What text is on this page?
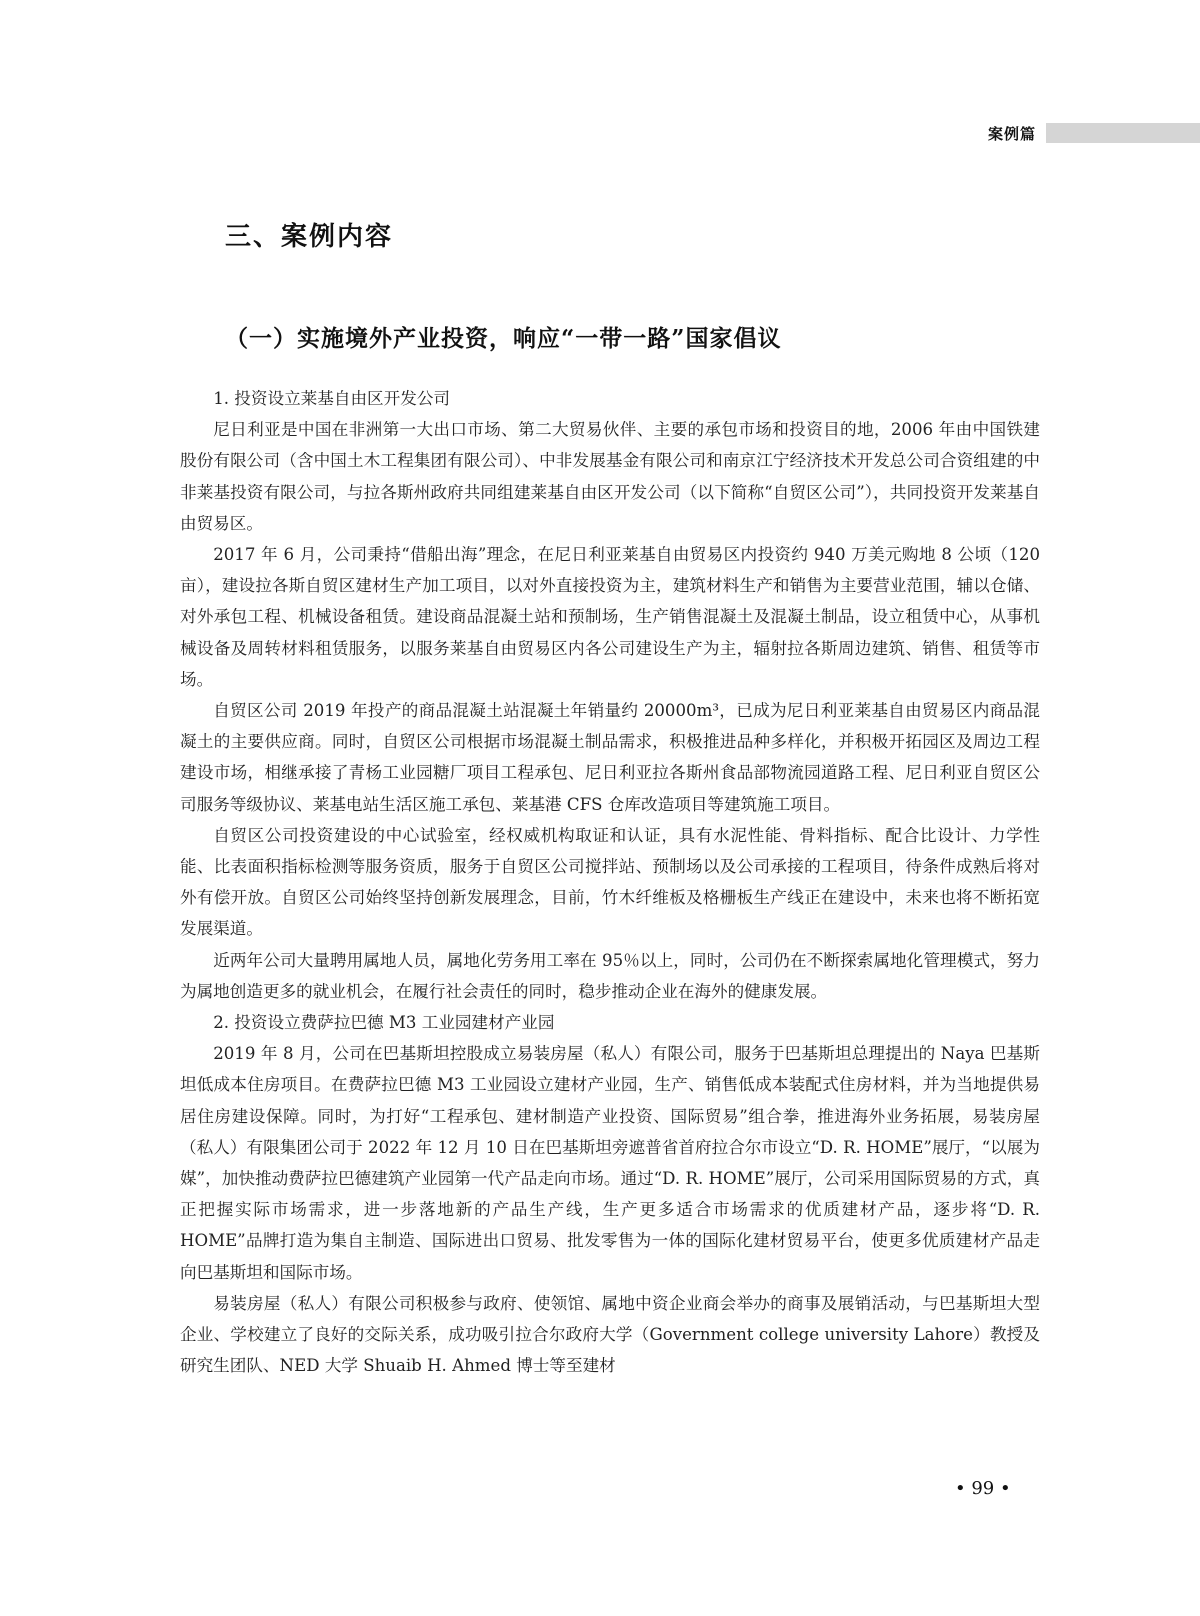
案例篇
三、案例内容
（一）实施境外产业投资，响应“一带一路”国家倡议

1. 投资设立莱基自由区开发公司

尼日利亚是中国在非洲第一大出口市场、第二大贸易伙伴、主要的承包市场和投资目的地，2006 年由中国铁建股份有限公司（含中国土木工程集团有限公司）、中非发展基金有限公司和南京江宁经济技术开发总公司合资组建的中非莱基投资有限公司，与拉各斯州政府共同组建莱基自由区开发公司（以下简称“自贸区公司”），共同投资开发莱基自由贸易区。

2017 年 6 月，公司秉持“借船出海”理念，在尼日利亚莱基自由贸易区内投资约 940 万美元购地 8 公顷（120 亩），建设拉各斯自贸区建材生产加工项目，以对外直接投资为主，建筑材料生产和销售为主要营业范围，辅以仓储、对外承包工程、机械设备租赁。建设商品混凝土站和预制场，生产销售混凝土及混凝土制品，设立租赁中心，从事机械设备及周转材料租赁服务，以服务莱基自由贸易区内各公司建设生产为主，辐射拉各斯周边建筑、销售、租赁等市场。

自贸区公司 2019 年投产的商品混凝土站混凝土年销量约 20000m³，已成为尼日利亚莱基自由贸易区内商品混凝土的主要供应商。同时，自贸区公司根据市场混凝土制品需求，积极推进品种多样化，并积极开拓园区及周边工程建设市场，相继承接了青杨工业园糖厂项目工程承包、尼日利亚拉各斯州食品部物流园道路工程、尼日利亚自贸区公司服务等级协议、莱基电站生活区施工承包、莱基港 CFS 仓库改造项目等建筑施工项目。

自贸区公司投资建设的中心试验室，经权威机构取证和认证，具有水泥性能、骨料指标、配合比设计、力学性能、比表面积指标检测等服务资质，服务于自贸区公司搅拌站、预制场以及公司承接的工程项目，待条件成熟后将对外有偿开放。自贸区公司始终坚持创新发展理念，目前，竹木纤维板及格栅板生产线正在建设中，未来也将不断拓宽发展渠道。

近两年公司大量聘用属地人员，属地化劳务用工率在 95％以上，同时，公司仍在不断探索属地化管理模式，努力为属地创造更多的就业机会，在履行社会责任的同时，稳步推动企业在海外的健康发展。

2. 投资设立费萨拉巴德 M3 工业园建材产业园

2019 年 8 月，公司在巴基斯坦控股成立易装房屋（私人）有限公司，服务于巴基斯坦总理提出的 Naya 巴基斯坦低成本住房项目。在费萨拉巴德 M3 工业园设立建材产业园，生产、销售低成本装配式住房材料，并为当地提供易居住房建设保障。同时，为打好“工程承包、建材制造产业投资、国际贸易”组合拳，推进海外业务拓展，易装房屋（私人）有限集团公司于 2022 年 12 月 10 日在巴基斯坦旁遮普省首府拉合尔市设立“D. R. HOME”展厅，“以展为媒”，加快推动费萨拉巴德建筑产业园第一代产品走向市场。通过“D. R. HOME”展厅，公司采用国际贸易的方式，真正把握实际市场需求，进一步落地新的产品生产线，生产更多适合市场需求的优质建材产品，逐步将“D. R. HOME”品牌打造为集自主制造、国际进出口贸易、批发零售为一体的国际化建材贸易平台，使更多优质建材产品走向巴基斯坦和国际市场。

易装房屋（私人）有限公司积极参与政府、使领馆、属地中资企业商会举办的商事及展销活动，与巴基斯坦大型企业、学校建立了良好的交际关系，成功吸引拉合尔政府大学（Government college university Lahore）教授及研究生团队、NED 大学 Shuaib H. Ahmed 博士等至建材

• 99 •
